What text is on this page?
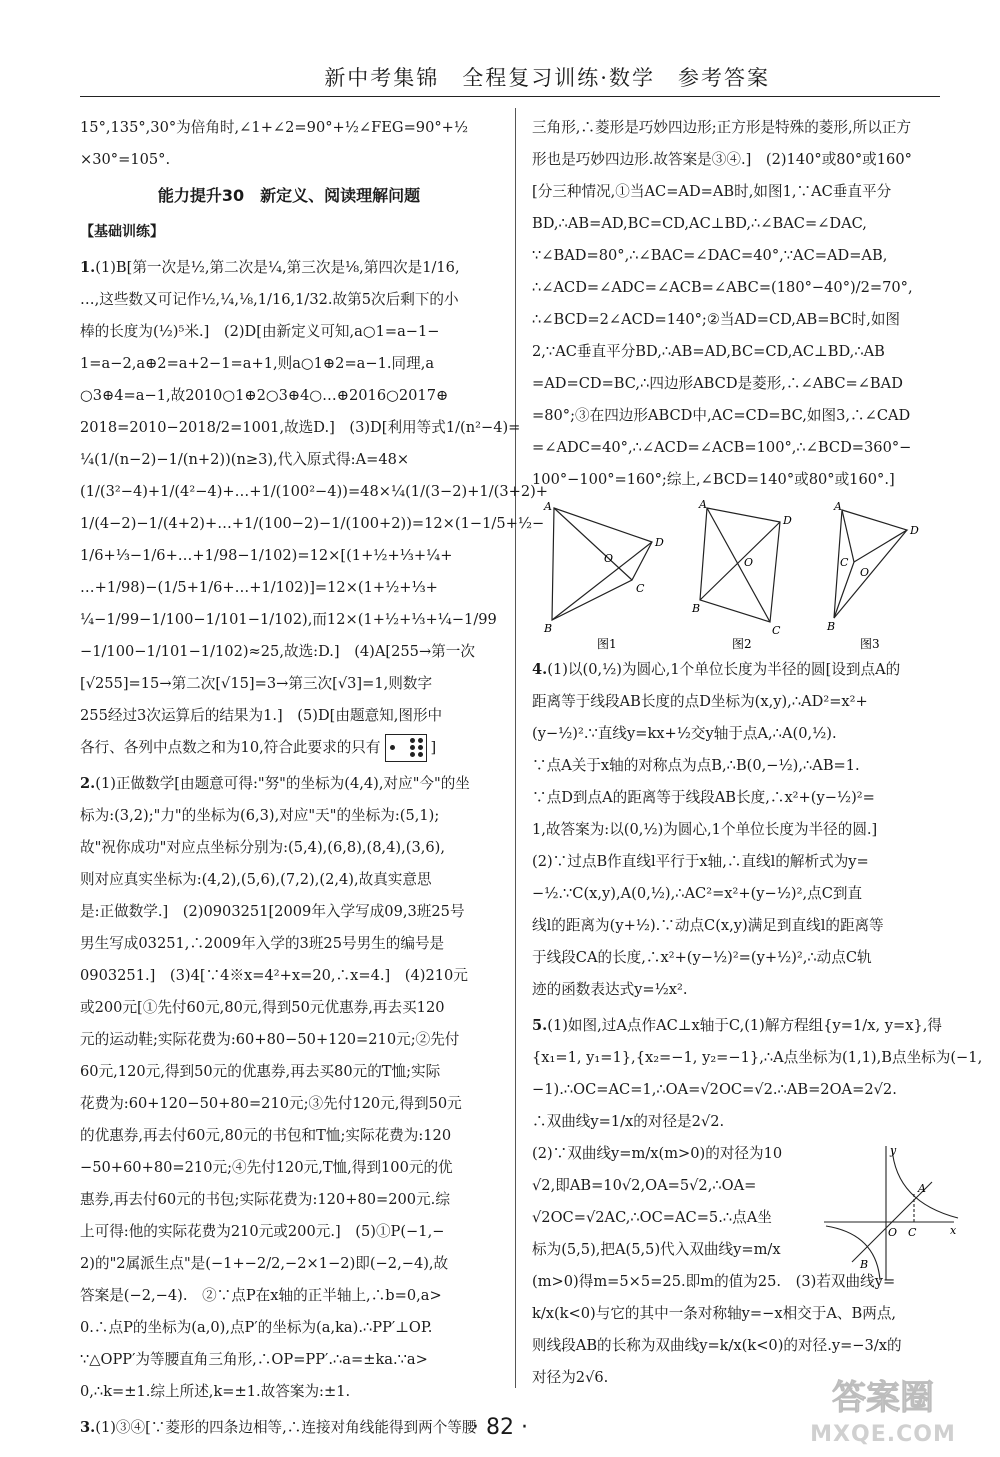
新中考集锦　全程复习训练·数学　参考答案
15°,135°,30°为倍角时,∠1+∠2=90°+½∠FEG=90°+½
×30°=105°.
能力提升30　新定义、阅读理解问题
【基础训练】
1.(1)B[第一次是½,第二次是¼,第三次是⅛,第四次是1/16,
…,这些数又可记作½,¼,⅛,1/16,1/32.故第5次后剩下的小
棒的长度为(½)⁵米.]　(2)D[由新定义可知,a○1=a−1−
1=a−2,a⊕2=a+2−1=a+1,则a○1⊕2=a−1.同理,a
○3⊕4=a−1,故2010○1⊕2○3⊕4○…⊕2016○2017⊕
2018=2010−2018/2=1001,故选D.]　(3)D[利用等式1/(n²−4)=
¼(1/(n−2)−1/(n+2))(n≥3),代入原式得:A=48×
(1/(3²−4)+1/(4²−4)+…+1/(100²−4))=48×¼(1/(3−2)+1/(3+2)+
1/(4−2)−1/(4+2)+…+1/(100−2)−1/(100+2))=12×(1−1/5+½−
1/6+⅓−1/6+…+1/98−1/102)=12×[(1+½+⅓+¼+
…+1/98)−(1/5+1/6+…+1/102)]=12×(1+½+⅓+
¼−1/99−1/100−1/101−1/102),而12×(1+½+⅓+¼−1/99
−1/100−1/101−1/102)≈25,故选:D.]　(4)A[255→第一次
[√255]=15→第二次[√15]=3→第三次[√3]=1,则数字
255经过3次运算后的结果为1.]　(5)D[由题意知,图形中
各行、各列中点数之和为10,符合此要求的只有	]
2.(1)正做数学[由题意可得:"努"的坐标为(4,4),对应"今"的坐
标为:(3,2);"力"的坐标为(6,3),对应"天"的坐标为:(5,1);
故"祝你成功"对应点坐标分别为:(5,4),(6,8),(8,4),(3,6),
则对应真实坐标为:(4,2),(5,6),(7,2),(2,4),故真实意思
是:正做数学.]　(2)0903251[2009年入学写成09,3班25号
男生写成03251,∴2009年入学的3班25号男生的编号是
0903251.]　(3)4[∵4※x=4²+x=20,∴x=4.]　(4)210元
或200元[①先付60元,80元,得到50元优惠券,再去买120
元的运动鞋;实际花费为:60+80−50+120=210元;②先付
60元,120元,得到50元的优惠券,再去买80元的T恤;实际
花费为:60+120−50+80=210元;③先付120元,得到50元
的优惠券,再去付60元,80元的书包和T恤;实际花费为:120
−50+60+80=210元;④先付120元,T恤,得到100元的优
惠券,再去付60元的书包;实际花费为:120+80=200元.综
上可得:他的实际花费为210元或200元.]　(5)①P(−1,−
2)的"2属派生点"是(−1+−2/2,−2×1−2)即(−2,−4),故
答案是(−2,−4).　②∵点P在x轴的正半轴上,∴b=0,a>
0.∴点P的坐标为(a,0),点P′的坐标为(a,ka).∴PP′⊥OP.
∵△OPP′为等腰直角三角形,∴OP=PP′.∴a=±ka.∵a>
0,∴k=±1.综上所述,k=±1.故答案为:±1.
3.(1)③④[∵菱形的四条边相等,∴连接对角线能得到两个等腰
三角形,∴菱形是巧妙四边形;正方形是特殊的菱形,所以正方
形也是巧妙四边形.故答案是③④.]　(2)140°或80°或160°
[分三种情况,①当AC=AD=AB时,如图1,∵AC垂直平分
BD,∴AB=AD,BC=CD,AC⊥BD,∴∠BAC=∠DAC,
∵∠BAD=80°,∴∠BAC=∠DAC=40°,∵AC=AD=AB,
∴∠ACD=∠ADC=∠ACB=∠ABC=(180°−40°)/2=70°,
∴∠BCD=2∠ACD=140°;②当AD=CD,AB=BC时,如图
2,∵AC垂直平分BD,∴AB=AD,BC=CD,AC⊥BD,∴AB
=AD=CD=BC,∴四边形ABCD是菱形,∴∠ABC=∠BAD
=80°;③在四边形ABCD中,AC=CD=BC,如图3,∴∠CAD
=∠ADC=40°,∴∠ACD=∠ACB=100°,∴∠BCD=360°−
100°−100°=160°;综上,∠BCD=140°或80°或160°.]
A
B
C
D
O
A
B
C
D
O
A
B
C
D
O
图1	图2	图3
4.(1)以(0,½)为圆心,1个单位长度为半径的圆[设到点A的
距离等于线段AB长度的点D坐标为(x,y),∴AD²=x²+
(y−½)².∵直线y=kx+½交y轴于点A,∴A(0,½).
∵点A关于x轴的对称点为点B,∴B(0,−½),∴AB=1.
∵点D到点A的距离等于线段AB长度,∴x²+(y−½)²=
1,故答案为:以(0,½)为圆心,1个单位长度为半径的圆.]
(2)∵过点B作直线l平行于x轴,∴直线l的解析式为y=
−½.∵C(x,y),A(0,½),∴AC²=x²+(y−½)²,点C到直
线l的距离为(y+½).∵动点C(x,y)满足到直线l的距离等
于线段CA的长度,∴x²+(y−½)²=(y+½)²,∴动点C轨
迹的函数表达式y=½x².
5.(1)如图,过A点作AC⊥x轴于C,(1)解方程组{y=1/x, y=x},得
{x₁=1, y₁=1},{x₂=−1, y₂=−1},∴A点坐标为(1,1),B点坐标为(−1,
−1).∴OC=AC=1,∴OA=√2OC=√2.∴AB=2OA=2√2.
∴双曲线y=1/x的对径是2√2.
y
x
O C
A
B
(2)∵双曲线y=m/x(m>0)的对径为10
√2,即AB=10√2,OA=5√2,∴OA=
√2OC=√2AC,∴OC=AC=5.∴点A坐
标为(5,5),把A(5,5)代入双曲线y=m/x
(m>0)得m=5×5=25.即m的值为25.　(3)若双曲线y=
k/x(k<0)与它的其中一条对称轴y=−x相交于A、B两点,
则线段AB的长称为双曲线y=k/x(k<0)的对径.y=−3/x的
对径为2√6.
· 82 ·
答案圈
MXQE.COM
